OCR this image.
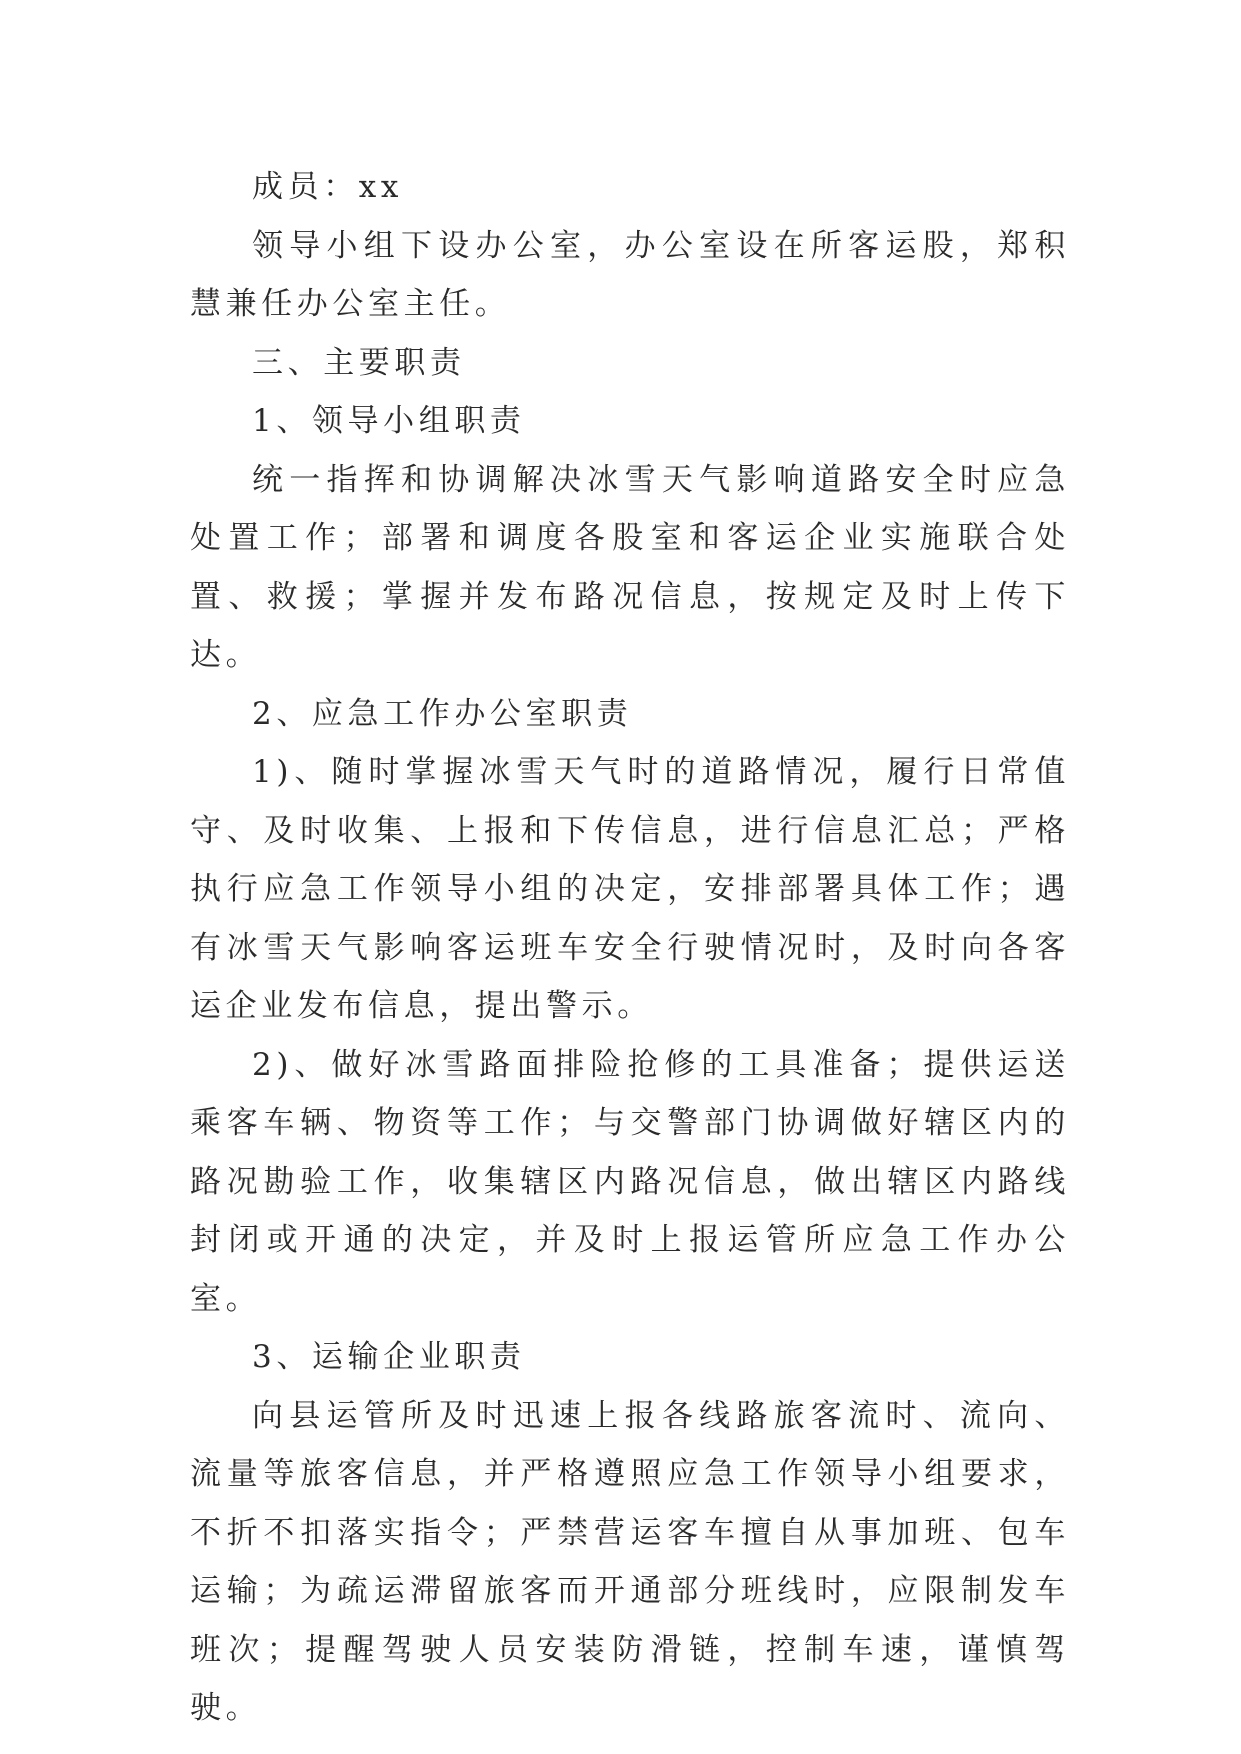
成员：xx

领导小组下设办公室，办公室设在所客运股，郑积慧兼任办公室主任。

三、主要职责

1、领导小组职责

统一指挥和协调解决冰雪天气影响道路安全时应急处置工作；部署和调度各股室和客运企业实施联合处置、救援；掌握并发布路况信息，按规定及时上传下达。

2、应急工作办公室职责

1)、随时掌握冰雪天气时的道路情况，履行日常值守、及时收集、上报和下传信息，进行信息汇总；严格执行应急工作领导小组的决定，安排部署具体工作；遇有冰雪天气影响客运班车安全行驶情况时，及时向各客运企业发布信息，提出警示。

2)、做好冰雪路面排险抢修的工具准备；提供运送乘客车辆、物资等工作；与交警部门协调做好辖区内的路况勘验工作，收集辖区内路况信息，做出辖区内路线封闭或开通的决定，并及时上报运管所应急工作办公室。

3、运输企业职责

向县运管所及时迅速上报各线路旅客流时、流向、流量等旅客信息，并严格遵照应急工作领导小组要求，不折不扣落实指令；严禁营运客车擅自从事加班、包车运输；为疏运滞留旅客而开通部分班线时，应限制发车班次；提醒驾驶人员安装防滑链，控制车速，谨慎驾驶。
